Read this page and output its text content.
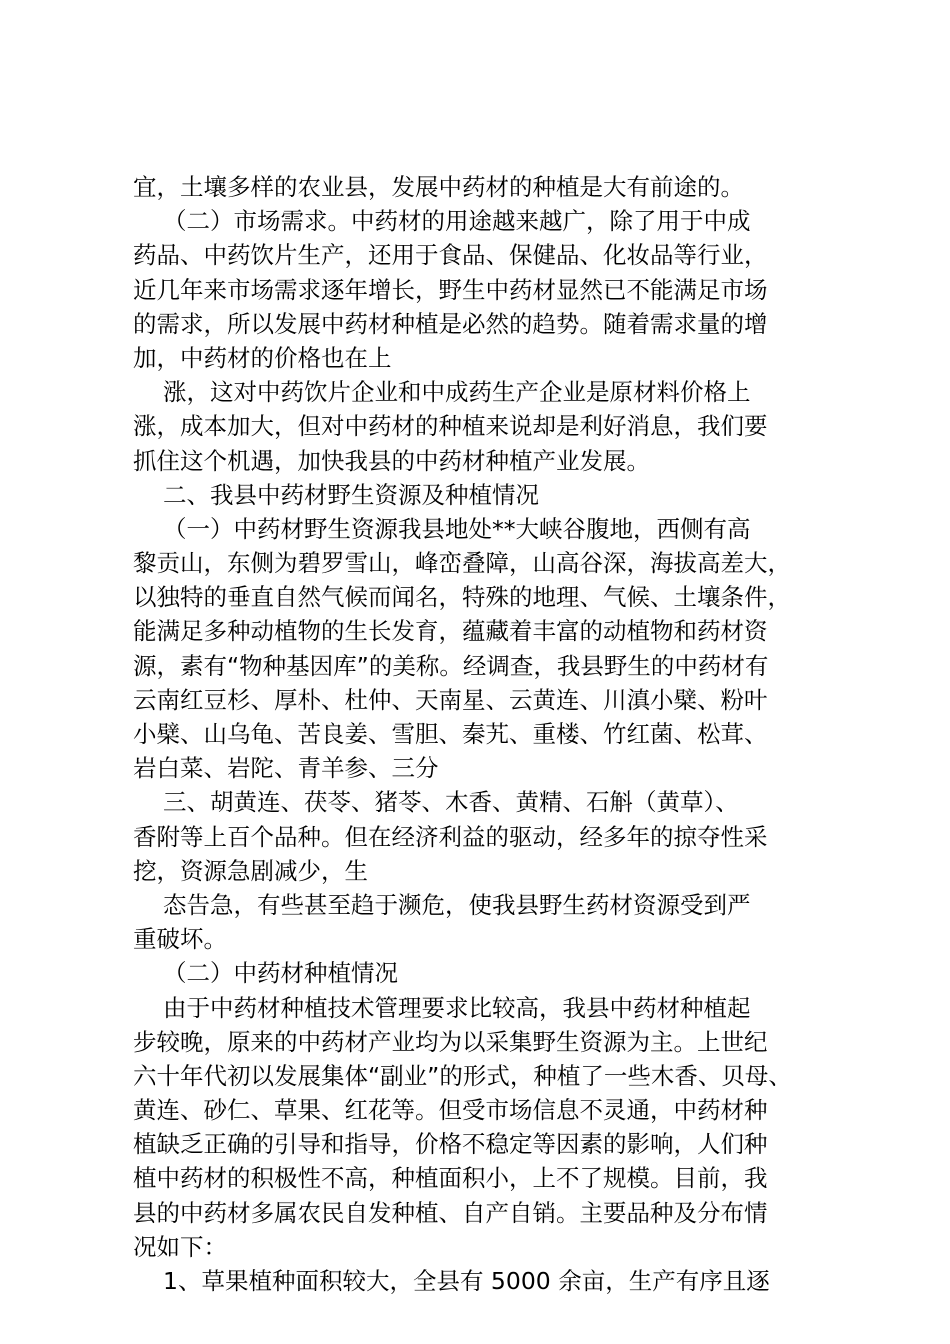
宜，土壤多样的农业县，发展中药材的种植是大有前途的。
（二）市场需求。中药材的用途越来越广，除了用于中成
药品、中药饮片生产，还用于食品、保健品、化妆品等行业，
近几年来市场需求逐年增长，野生中药材显然已不能满足市场
的需求，所以发展中药材种植是必然的趋势。随着需求量的增
加，中药材的价格也在上
涨，这对中药饮片企业和中成药生产企业是原材料价格上
涨，成本加大，但对中药材的种植来说却是利好消息，我们要
抓住这个机遇，加快我县的中药材种植产业发展。
二、我县中药材野生资源及种植情况
（一）中药材野生资源我县地处**大峡谷腹地，西侧有高
黎贡山，东侧为碧罗雪山，峰峦叠障，山高谷深，海拔高差大，
以独特的垂直自然气候而闻名，特殊的地理、气候、土壤条件，
能满足多种动植物的生长发育，蕴藏着丰富的动植物和药材资
源，素有“物种基因库”的美称。经调查，我县野生的中药材有
云南红豆杉、厚朴、杜仲、天南星、云黄连、川滇小檗、粉叶
小檗、山乌龟、苦良姜、雪胆、秦艽、重楼、竹红菌、松茸、
岩白菜、岩陀、青羊参、三分
三、胡黄连、茯苓、猪苓、木香、黄精、石斛（黄草）、
香附等上百个品种。但在经济利益的驱动，经多年的掠夺性采
挖，资源急剧减少，生
态告急，有些甚至趋于濒危，使我县野生药材资源受到严
重破坏。
（二）中药材种植情况
由于中药材种植技术管理要求比较高，我县中药材种植起
步较晚，原来的中药材产业均为以采集野生资源为主。上世纪
六十年代初以发展集体“副业”的形式，种植了一些木香、贝母、
黄连、砂仁、草果、红花等。但受市场信息不灵通，中药材种
植缺乏正确的引导和指导，价格不稳定等因素的影响，人们种
植中药材的积极性不高，种植面积小，上不了规模。目前，我
县的中药材多属农民自发种植、自产自销。主要品种及分布情
况如下：
1、草果植种面积较大，全县有 5000 余亩，生产有序且逐
